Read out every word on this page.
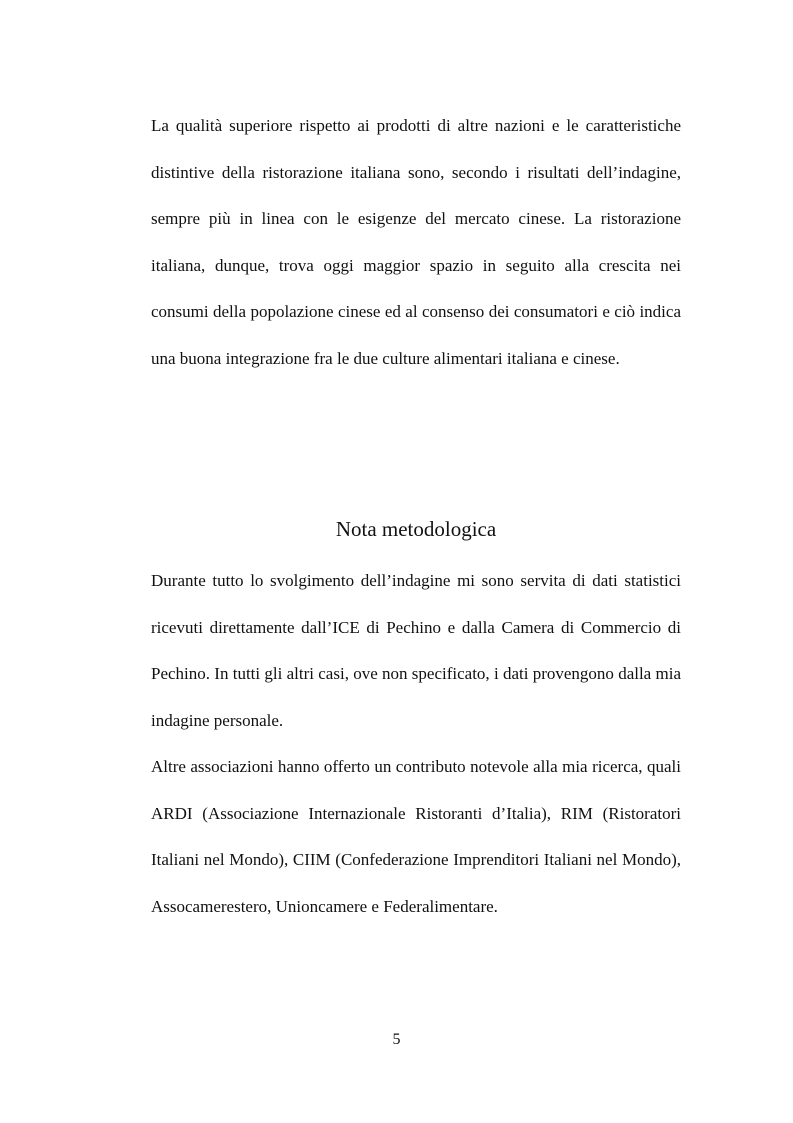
La qualità superiore rispetto ai prodotti di altre nazioni e le caratteristiche distintive della ristorazione italiana sono, secondo i risultati dell’indagine, sempre più in linea con le esigenze del mercato cinese. La ristorazione italiana, dunque, trova oggi maggior spazio in seguito alla crescita nei consumi della popolazione cinese ed al consenso dei consumatori e ciò indica una buona integrazione fra le due culture alimentari italiana e cinese.

Nota metodologica

Durante tutto lo svolgimento dell’indagine mi sono servita di dati statistici ricevuti direttamente dall’ICE di Pechino e dalla Camera di Commercio di Pechino. In tutti gli altri casi, ove non specificato, i dati provengono dalla mia indagine personale.

Altre associazioni hanno offerto un contributo notevole alla mia ricerca, quali ARDI (Associazione Internazionale Ristoranti d’Italia), RIM (Ristoratori Italiani nel Mondo), CIIM (Confederazione Imprenditori Italiani nel Mondo), Assocamerestero, Unioncamere e Federalimentare.

5
